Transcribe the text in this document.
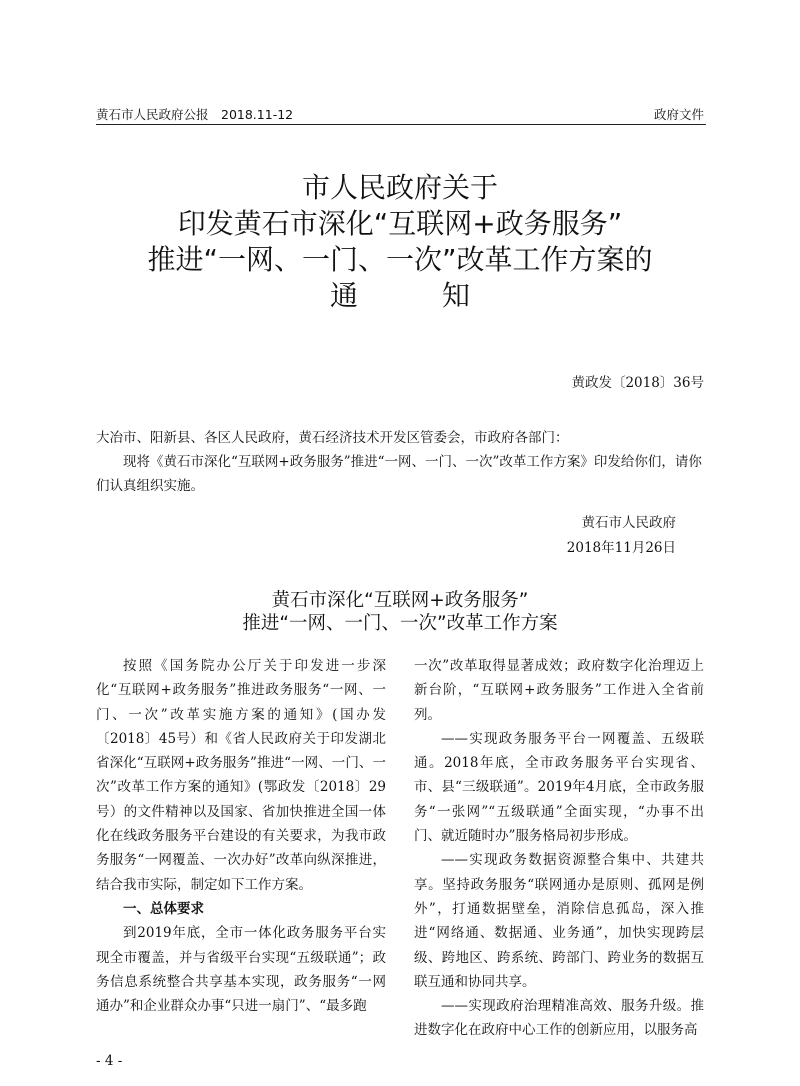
黄石市人民政府公报　2018.11-12	政府文件
市人民政府关于
印发黄石市深化“互联网+政务服务”
推进“一网、一门、一次”改革工作方案的
通　　　知
黄政发〔2018〕36号

大冶市、阳新县、各区人民政府，黄石经济技术开发区管委会，市政府各部门：

现将《黄石市深化“互联网+政务服务”推进“一网、一门、一次”改革工作方案》印发给你们，请你们认真组织实施。

黄石市人民政府
2018年11月26日
黄石市深化“互联网+政务服务”
推进“一网、一门、一次”改革工作方案

按照《国务院办公厅关于印发进一步深化“互联网+政务服务”推进政务服务“一网、一门、一次”改革实施方案的通知》(国办发〔2018〕45号）和《省人民政府关于印发湖北省深化“互联网+政务服务”推进“一网、一门、一次”改革工作方案的通知》(鄂政发〔2018〕29号）的文件精神以及国家、省加快推进全国一体化在线政务服务平台建设的有关要求，为我市政务服务“一网覆盖、一次办好”改革向纵深推进，结合我市实际，制定如下工作方案。

一、总体要求

到2019年底，全市一体化政务服务平台实现全市覆盖，并与省级平台实现“五级联通”；政务信息系统整合共享基本实现，政务服务“一网通办”和企业群众办事“只进一扇门”、“最多跑

一次”改革取得显著成效；政府数字化治理迈上新台阶，“互联网+政务服务”工作进入全省前列。

——实现政务服务平台一网覆盖、五级联通。2018年底，全市政务服务平台实现省、市、县“三级联通”。2019年4月底，全市政务服务“一张网”“五级联通”全面实现，“办事不出门、就近随时办”服务格局初步形成。

——实现政务数据资源整合集中、共建共享。坚持政务服务“联网通办是原则、孤网是例外”，打通数据壁垒，消除信息孤岛，深入推进“网络通、数据通、业务通”，加快实现跨层级、跨地区、跨系统、跨部门、跨业务的数据互联互通和协同共享。

——实现政府治理精准高效、服务升级。推进数字化在政府中心工作的创新应用，以服务高

- 4 -
